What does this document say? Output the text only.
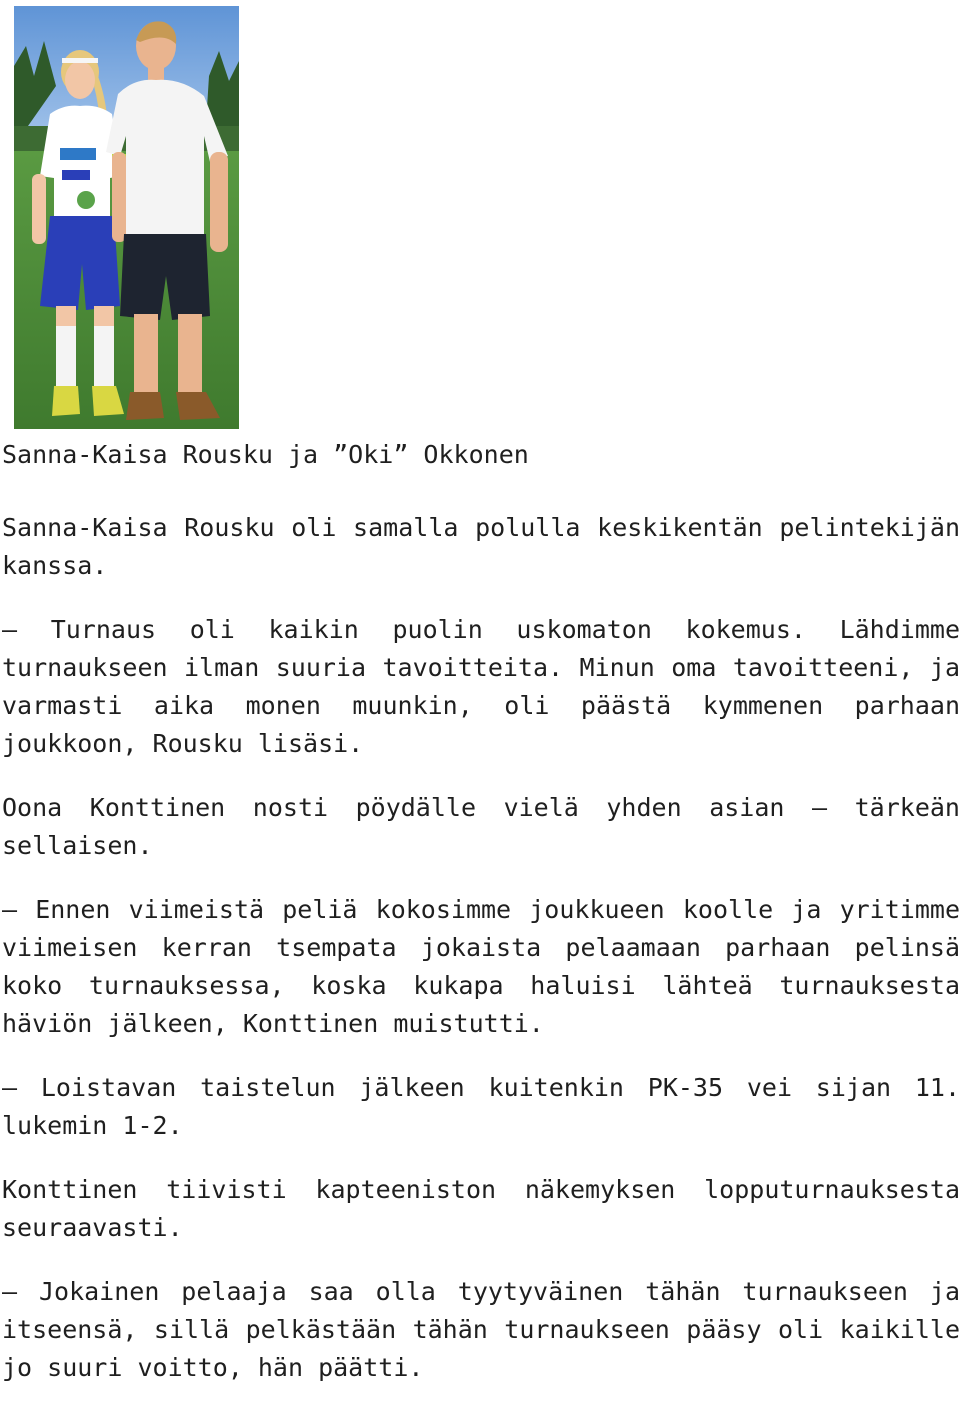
Sanna-Kaisa Rousku ja ”Oki” Okkonen

Sanna-Kaisa Rousku oli samalla polulla keskikentän pelintekijän kanssa.

– Turnaus oli kaikin puolin uskomaton kokemus. Lähdimme turnaukseen ilman suuria tavoitteita. Minun oma tavoitteeni, ja varmasti aika monen muunkin, oli päästä kymmenen parhaan joukkoon, Rousku lisäsi.

Oona Konttinen nosti pöydälle vielä yhden asian – tärkeän sellaisen.

– Ennen viimeistä peliä kokosimme joukkueen koolle ja yritimme viimeisen kerran tsempata jokaista pelaamaan parhaan pelinsä koko turnauksessa, koska kukapa haluisi lähteä turnauksesta häviön jälkeen, Konttinen muistutti.

– Loistavan taistelun jälkeen kuitenkin PK-35 vei sijan 11. lukemin 1-2.

Konttinen tiivisti kapteeniston näkemyksen lopputurnauksesta seuraavasti.

– Jokainen pelaaja saa olla tyytyväinen tähän turnaukseen ja itseensä, sillä pelkästään tähän turnaukseen pääsy oli kaikille jo suuri voitto, hän päätti.
